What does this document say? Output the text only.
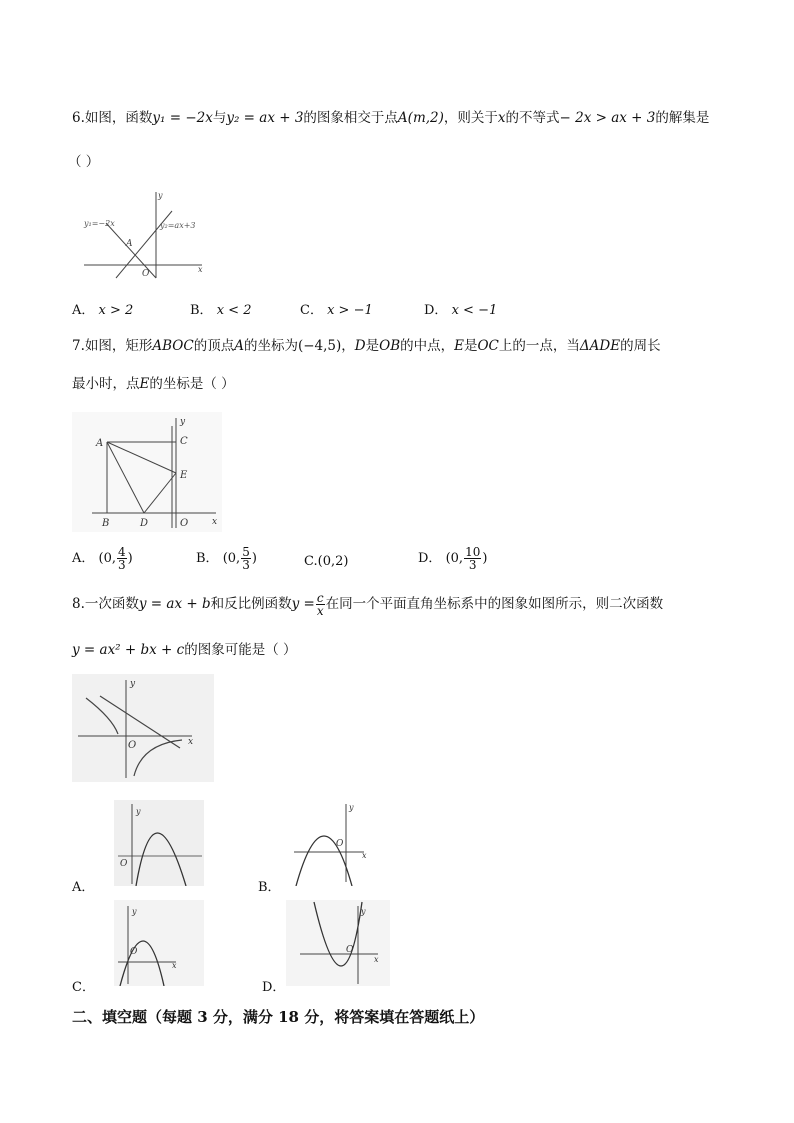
6.如图，函数y₁ = −2x与y₂ = ax + 3的图象相交于点A(m,2)，则关于x的不等式− 2x > ax + 3的解集是
（ ）
y₁=−2x	y₂=ax+3
A
O	x
y
A． x > 2	B． x < 2	C． x > −1	D． x < −1
7.如图，矩形ABOC的顶点A的坐标为(−4,5)，D是OB的中点，E是OC上的一点，当ΔADE的周长
最小时，点E的坐标是（ ）
A
B
C
D
E
O	x
y
A． (0, $\frac{4}{3}$ )	B． (0, $\frac{5}{3}$ )	C.(0,2)	D． (0, $\frac{10}{3}$ )
8.一次函数y = ax + b和反比例函数$y = \frac{c}{x}$ 在同一个平面直角坐标系中的图象如图所示，则二次函数
y = ax² + bx + c的图象可能是（ ）
O	x
y
O
y
A．
O
x
y
B．
O
x
y
C．
O
x
y
D．
二、填空题（每题 3 分，满分 18 分，将答案填在答题纸上）
